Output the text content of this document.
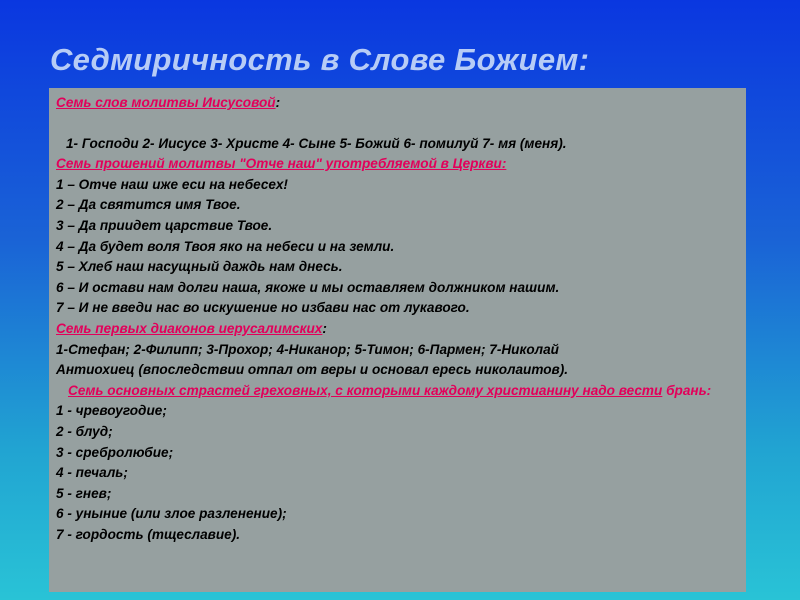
Седмиричность в Слове Божием:
Семь слов молитвы Иисусовой:
1- Господи 2- Иисусе 3- Христе 4- Сыне 5- Божий 6- помилуй 7- мя (меня).
Семь прошений молитвы "Отче наш" употребляемой в Церкви:
1 – Отче наш иже еси на небесех!
2 – Да святится имя Твое.
3 – Да приидет царствие Твое.
4 – Да будет воля Твоя яко на небеси и на земли.
5 – Хлеб наш насущный даждь нам днесь.
6 – И остави нам долги наша, якоже и мы оставляем должником нашим.
7 – И не введи нас во искушение но избави нас от лукавого.
Семь первых диаконов иерусалимских:
1-Стефан; 2-Филипп; 3-Прохор; 4-Никанор; 5-Тимон; 6-Пармен; 7-Николай
Антиохиец (впоследствии отпал от веры и основал ересь николаитов).
Семь основных страстей греховных, с которыми каждому христианину надо вести брань:
1 - чревоугодие;
2 - блуд;
3 - сребролюбие;
4 - печаль;
5 - гнев;
6 - уныние (или злое разленение);
7 - гордость (тщеславие).
